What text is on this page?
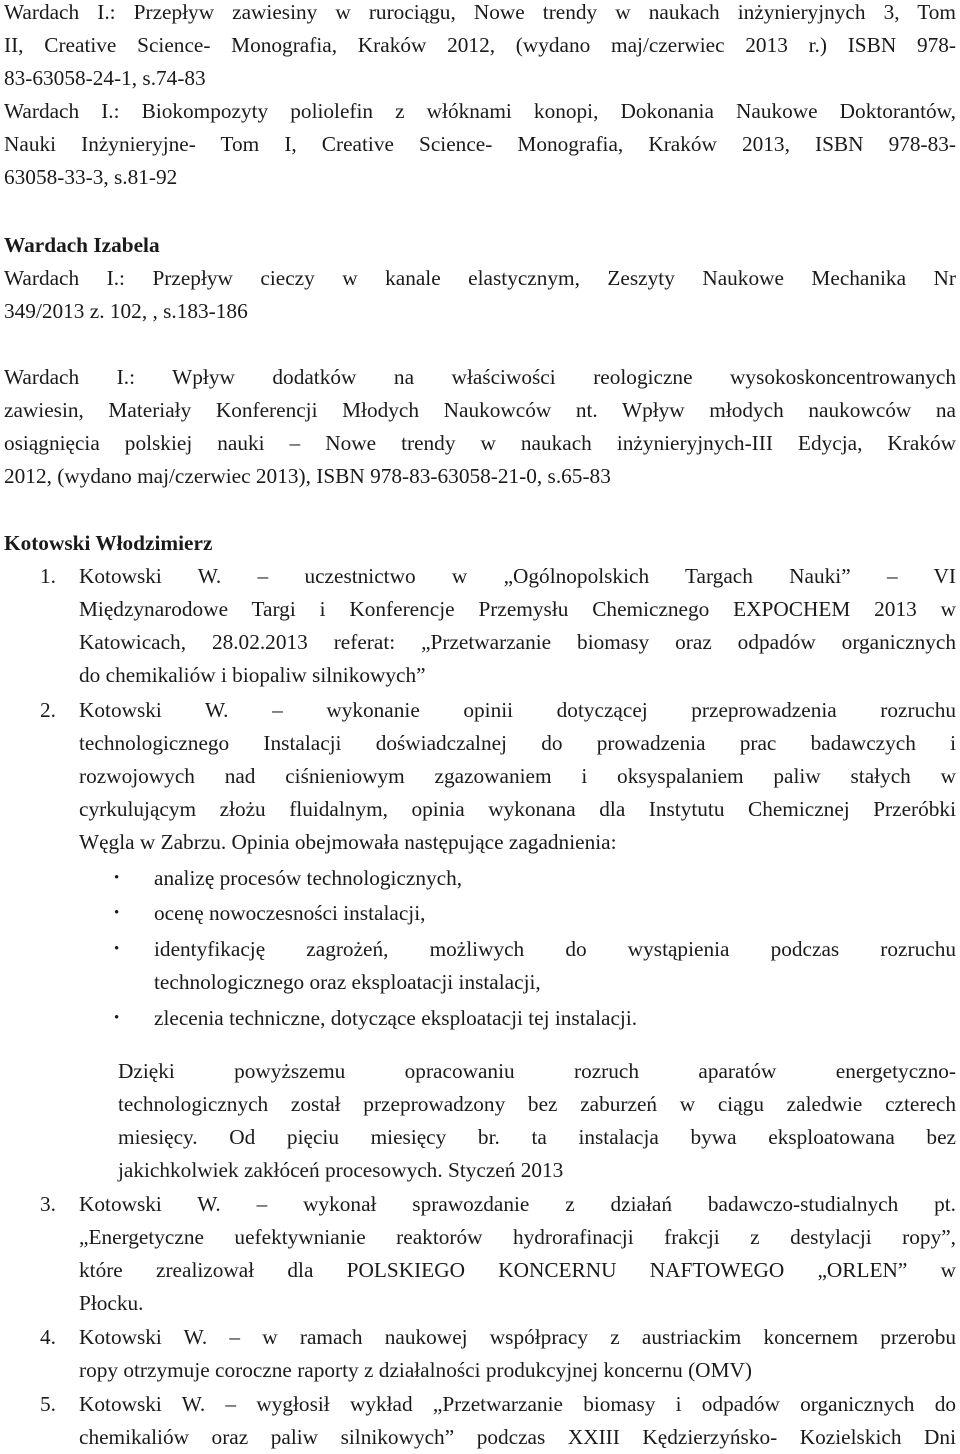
Wardach I.: Przepływ zawiesiny w rurociągu, Nowe trendy w naukach inżynieryjnych 3, Tom
II, Creative Science- Monografia, Kraków 2012, (wydano maj/czerwiec 2013 r.) ISBN 978-
83-63058-24-1, s.74-83
Wardach I.: Biokompozyty poliolefin z włóknami konopi, Dokonania Naukowe Doktorantów,
Nauki Inżynieryjne- Tom I, Creative Science- Monografia, Kraków 2013, ISBN 978-83-
63058-33-3, s.81-92
Wardach Izabela
Wardach I.: Przepływ cieczy w kanale elastycznym, Zeszyty Naukowe Mechanika Nr
349/2013 z. 102, , s.183-186
Wardach I.: Wpływ dodatków na właściwości reologiczne wysokoskoncentrowanych
zawiesin, Materiały Konferencji Młodych Naukowców nt. Wpływ młodych naukowców na
osiągnięcia polskiej nauki – Nowe trendy w naukach inżynieryjnych-III Edycja, Kraków
2012, (wydano maj/czerwiec 2013), ISBN 978-83-63058-21-0, s.65-83
Kotowski Włodzimierz
1.	Kotowski W. – uczestnictwo w „Ogólnopolskich Targach Nauki” – VI
Międzynarodowe Targi i Konferencje Przemysłu Chemicznego EXPOCHEM 2013 w
Katowicach, 28.02.2013 referat: „Przetwarzanie biomasy oraz odpadów organicznych
do chemikaliów i biopaliw silnikowych”
2.	Kotowski W. – wykonanie opinii dotyczącej przeprowadzenia rozruchu
technologicznego Instalacji doświadczalnej do prowadzenia prac badawczych i
rozwojowych nad ciśnieniowym zgazowaniem i oksyspalaniem paliw stałych w
cyrkulującym złożu fluidalnym, opinia wykonana dla Instytutu Chemicznej Przeróbki
Węgla w Zabrzu. Opinia obejmowała następujące zagadnienia:
•	analizę procesów technologicznych,
•	ocenę nowoczesności instalacji,
•	identyfikację zagrożeń, możliwych do wystąpienia podczas rozruchu
technologicznego oraz eksploatacji instalacji,
•	zlecenia techniczne, dotyczące eksploatacji tej instalacji.
Dzięki powyższemu opracowaniu rozruch aparatów energetyczno-
technologicznych został przeprowadzony bez zaburzeń w ciągu zaledwie czterech
miesięcy. Od pięciu miesięcy br. ta instalacja bywa eksploatowana bez
jakichkolwiek zakłóceń procesowych. Styczeń 2013
3.	Kotowski W. – wykonał sprawozdanie z działań badawczo-studialnych pt.
„Energetyczne uefektywnianie reaktorów hydrorafinacji frakcji z destylacji ropy”,
które zrealizował dla POLSKIEGO KONCERNU NAFTOWEGO „ORLEN” w
Płocku.
4.	Kotowski W. – w ramach naukowej współpracy z austriackim koncernem przerobu
ropy otrzymuje coroczne raporty z działalności produkcyjnej koncernu (OMV)
5.	Kotowski W. – wygłosił wykład „Przetwarzanie biomasy i odpadów organicznych do
chemikaliów oraz paliw silnikowych” podczas XXIII Kędzierzyńsko- Kozielskich Dni
